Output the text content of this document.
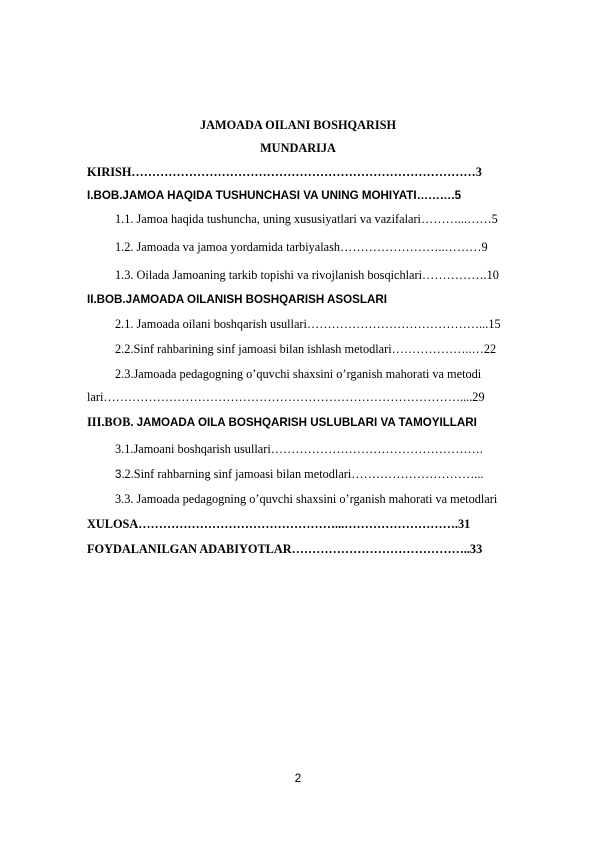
JAMOADA OILANI BOSHQARISH
MUNDARIJA
KIRISH…………………………………………………………………………3
I.BOB.JAMOA HAQIDA TUSHUNCHASI VA UNING MOHIYATI……….5
1.1. Jamoa haqida tushuncha, uning xususiyatlari va vazifalari………...……5
1.2. Jamoada va jamoa yordamida tarbiyalash……………………..………9
1.3. Oilada Jamoaning tarkib topishi va rivojlanish bosqichlari…………….10
II.BOB.JAMOADA OILANISH BOSHQARISH ASOSLARI
2.1. Jamoada oilani boshqarish usullari……………………………………...15
2.2.Sinf rahbarining sinf jamoasi bilan ishlash metodlari………………..…22
2.3.Jamoada pedagogning o’quvchi shaxsini o’rganish mahorati va metodi
lari……………………………………………………………………………....29
III.BOB. JAMOADA OILA BOSHQARISH USLUBLARI VA TAMOYILLARI
3.1.Jamoani boshqarish usullari…………………………………………….
3.2.Sinf rahbarning sinf jamoasi bilan metodlari…………………………...
3.3. Jamoada pedagogning o’quvchi shaxsini o’rganish mahorati va metodlari
XULOSA…………………………………………...……………………….31
FOYDALANILGAN ADABIYOTLAR……………………………………..33
2
